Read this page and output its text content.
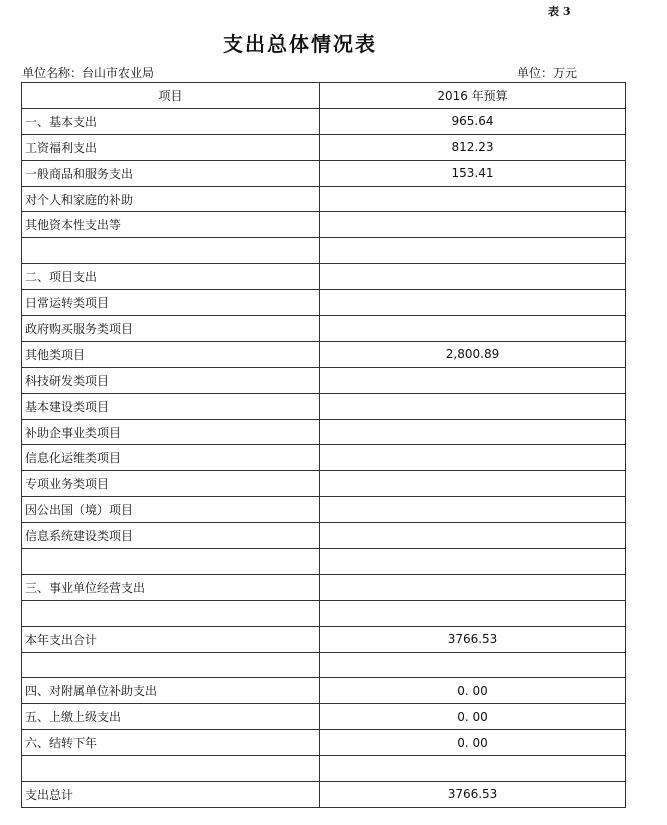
表 3
支出总体情况表
单位名称：台山市农业局	单位：万元
项目	2016 年预算
一、基本支出	965.64
工资福利支出	812.23
一般商品和服务支出	153.41
对个人和家庭的补助	
其他资本性支出等	

二、项目支出	
日常运转类项目	
政府购买服务类项目	
其他类项目	2,800.89
科技研发类项目	
基本建设类项目	
补助企事业类项目	
信息化运维类项目	
专项业务类项目	
因公出国（境）项目	
信息系统建设类项目	

三、事业单位经营支出	

本年支出合计	3766.53

四、对附属单位补助支出	0. 00
五、上缴上级支出	0. 00
六、结转下年	0. 00

支出总计	3766.53
